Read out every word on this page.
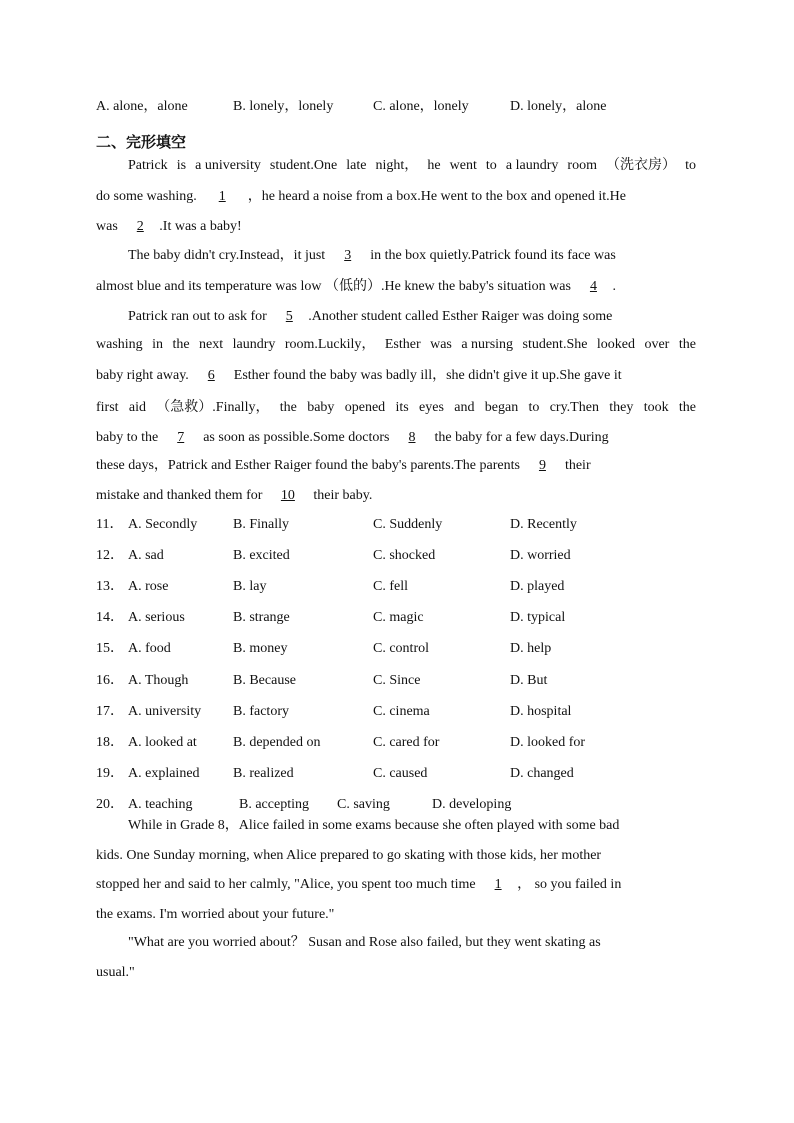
A. alone，alone	B. lonely，lonely	C. alone，lonely	D. lonely，alone
二、完形填空
Patrick is a university student.One late night， he went to a laundry room （洗衣房） to
do some washing. 1 ，he heard a noise from a box.He went to the box and opened it.He
was 2 .It was a baby!
The baby didn't cry.Instead，it just 3 in the box quietly.Patrick found its face was
almost blue and its temperature was low （低的）.He knew the baby's situation was 4 .
Patrick ran out to ask for 5 .Another student called Esther Raiger was doing some
washing in the next laundry room.Luckily， Esther was a nursing student.She looked over the
baby right away. 6 Esther found the baby was badly ill，she didn't give it up.She gave it
first aid （急救）.Finally， the baby opened its eyes and began to cry.Then they took the
baby to the 7 as soon as possible.Some doctors 8 the baby for a few days.During
these days，Patrick and Esther Raiger found the baby's parents.The parents 9 their
mistake and thanked them for 10 their baby.
11． A. Secondly	B. Finally	C. Suddenly	D. Recently
12． A. sad	B. excited	C. shocked	D. worried
13． A. rose	B. lay	C. fell	D. played
14． A. serious	B. strange	C. magic	D. typical
15． A. food	B. money	C. control	D. help
16． A. Though	B. Because	C. Since	D. But
17． A. university B. factory	C. cinema	D. hospital
18． A. looked at	B. depended on	C. cared for	D. looked for
19． A. explained B. realized	C. caused	D. changed
20． A. teaching	B. accepting C. saving	D. developing
While in Grade 8，Alice failed in some exams because she often played with some bad
kids. One Sunday morning, when Alice prepared to go skating with those kids, her mother
stopped her and said to her calmly, "Alice, you spent too much time 1 ， so you failed in
the exams. I'm worried about your future."
"What are you worried about？ Susan and Rose also failed, but they went skating as
usual."
